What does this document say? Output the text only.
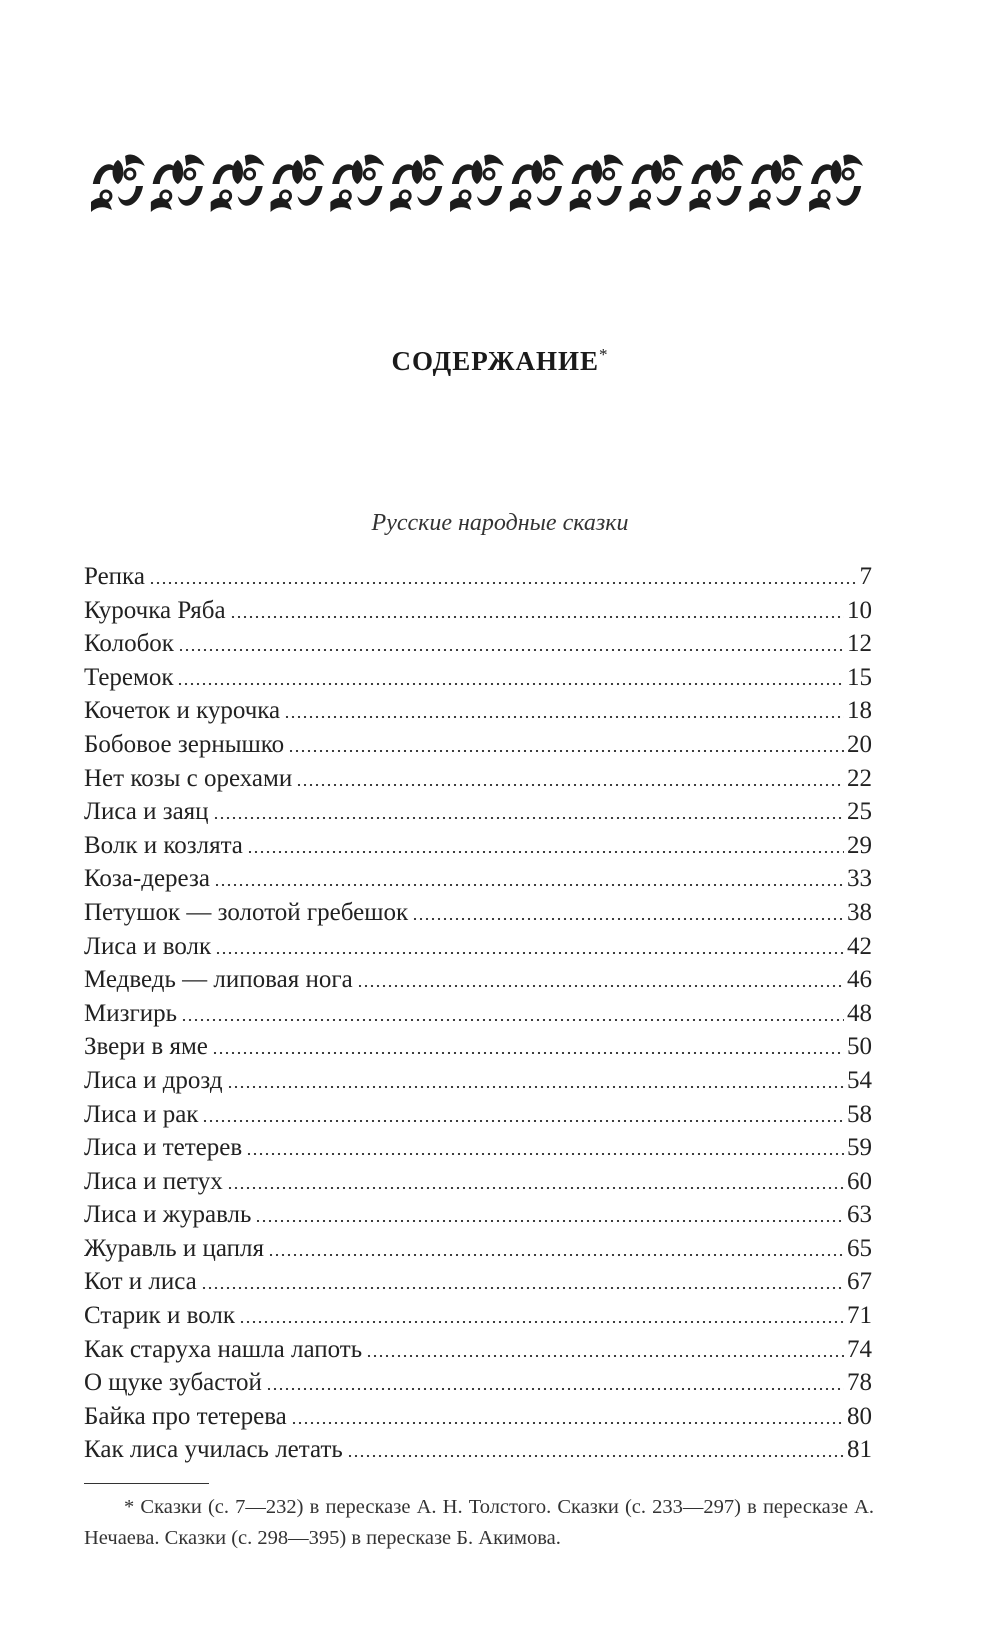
СОДЕРЖАНИЕ*
Русские народные сказки
Репка	7
Курочка Ряба	10
Колобок	12
Теремок	15
Кочеток и курочка	18
Бобовое зернышко	20
Нет козы с орехами	22
Лиса и заяц	25
Волк и козлята	29
Коза-дереза	33
Петушок — золотой гребешок	38
Лиса и волк	42
Медведь — липовая нога	46
Мизгирь	48
Звери в яме	50
Лиса и дрозд	54
Лиса и рак	58
Лиса и тетерев	59
Лиса и петух	60
Лиса и журавль	63
Журавль и цапля	65
Кот и лиса	67
Старик и волк	71
Как старуха нашла лапоть	74
О щуке зубастой	78
Байка про тетерева	80
Как лиса училась летать	81

* Сказки (с. 7—232) в пересказе А. Н. Толстого. Сказки (с. 233—297) в пересказе А. Нечаева. Сказки (с. 298—395) в пересказе Б. Акимова.
